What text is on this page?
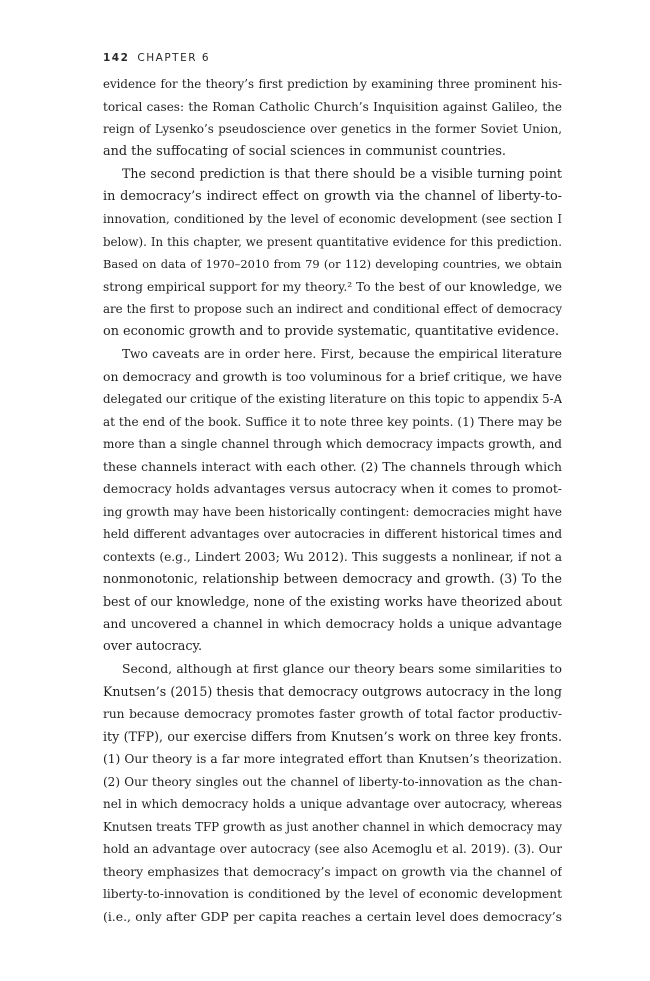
142 CHAPTER 6
evidence for the theory’s first prediction by examining three prominent his-
torical cases: the Roman Catholic Church’s Inquisition against Galileo, the
reign of Lysenko’s pseudoscience over genetics in the former Soviet Union,
and the suffocating of social sciences in communist countries.
The second prediction is that there should be a visible turning point
in democracy’s indirect effect on growth via the channel of liberty-to-
innovation, conditioned by the level of economic development (see section I
below). In this chapter, we present quantitative evidence for this prediction.
Based on data of 1970–2010 from 79 (or 112) developing countries, we obtain
strong empirical support for my theory.² To the best of our knowledge, we
are the first to propose such an indirect and conditional effect of democracy
on economic growth and to provide systematic, quantitative evidence.
Two caveats are in order here. First, because the empirical literature
on democracy and growth is too voluminous for a brief critique, we have
delegated our critique of the existing literature on this topic to appendix 5-A
at the end of the book. Suffice it to note three key points. (1) There may be
more than a single channel through which democracy impacts growth, and
these channels interact with each other. (2) The channels through which
democracy holds advantages versus autocracy when it comes to promot-
ing growth may have been historically contingent: democracies might have
held different advantages over autocracies in different historical times and
contexts (e.g., Lindert 2003; Wu 2012). This suggests a nonlinear, if not a
nonmonotonic, relationship between democracy and growth. (3) To the
best of our knowledge, none of the existing works have theorized about
and uncovered a channel in which democracy holds a unique advantage
over autocracy.
Second, although at first glance our theory bears some similarities to
Knutsen’s (2015) thesis that democracy outgrows autocracy in the long
run because democracy promotes faster growth of total factor productiv-
ity (TFP), our exercise differs from Knutsen’s work on three key fronts.
(1) Our theory is a far more integrated effort than Knutsen’s theorization.
(2) Our theory singles out the channel of liberty-to-innovation as the chan-
nel in which democracy holds a unique advantage over autocracy, whereas
Knutsen treats TFP growth as just another channel in which democracy may
hold an advantage over autocracy (see also Acemoglu et al. 2019). (3). Our
theory emphasizes that democracy’s impact on growth via the channel of
liberty-to-innovation is conditioned by the level of economic development
(i.e., only after GDP per capita reaches a certain level does democracy’s
